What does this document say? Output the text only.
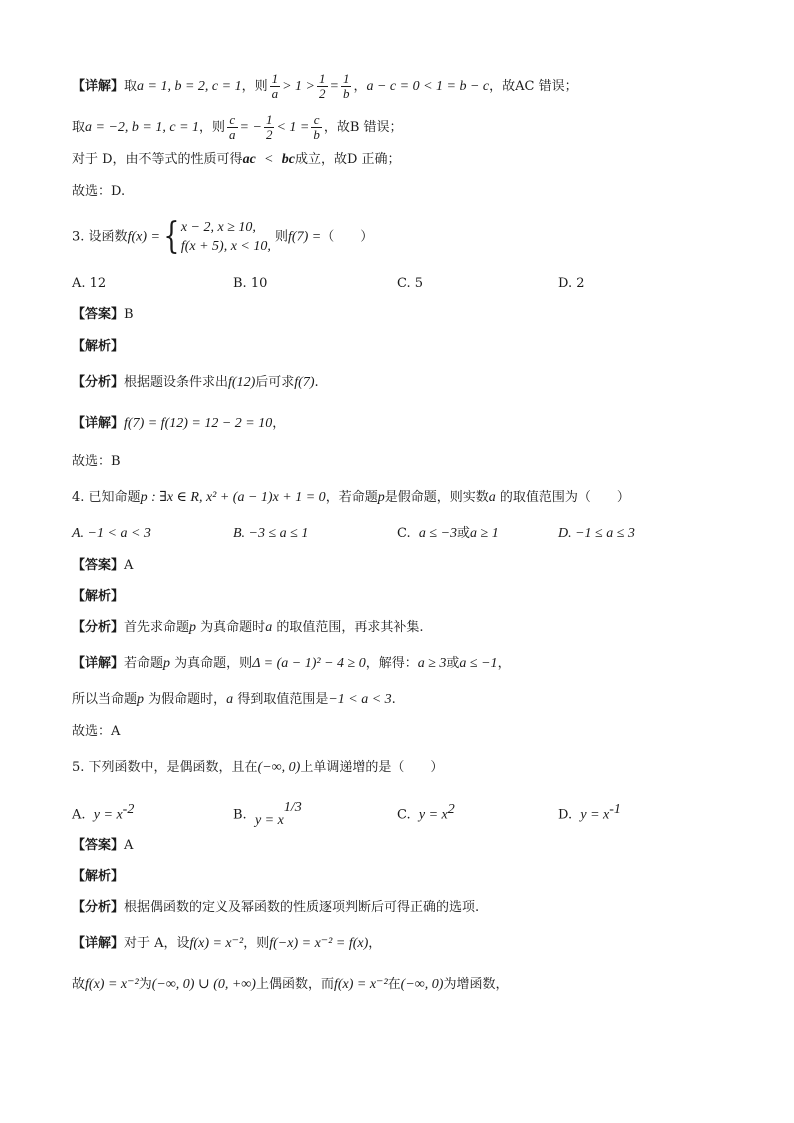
【详解】取a = 1, b = 2, c = 1，则 $\frac{1}{a} > 1 > \frac{1}{2} = \frac{1}{b}$ ，a − c = 0 < 1 = b − c，故AC 错误；
取a = −2, b = 1, c = 1，则 $\frac{c}{a}$ = − $\frac{1}{2} < 1 = \frac{c}{b}$ ，故B 错误；
对于 D，由不等式的性质可得ac < bc成立，故D 正确；
故选：D.
3. 设函数f(x) ={ x − 2, x ≥ 10,
f(x + 5), x < 10,
则f(7) =（　　）
A. 12	B. 10	C. 5	D. 2
【答案】B
【解析】
【分析】根据题设条件求出f(12)后可求f(7).
【详解】f(7) = f(12) = 12 − 2 = 10，
故选：B
4. 已知命题p : ∃x ∈ R, x² + (a − 1)x + 1 = 0，若命题p是假命题，则实数a 的取值范围为（　　）
A. −1 < a < 3	B. −3 ≤ a ≤ 1	C. a ≤ −3或a ≥ 1	D. −1 ≤ a ≤ 3
【答案】A
【解析】
【分析】首先求命题p 为真命题时a 的取值范围，再求其补集.
【详解】若命题p 为真命题，则Δ = (a − 1)² − 4 ≥ 0，解得：a ≥ 3或a ≤ −1，
所以当命题p 为假命题时，a 得到取值范围是−1 < a < 3.
故选：A
5. 下列函数中，是偶函数，且在(−∞, 0)上单调递增的是（　　）
A. $y = x^{-2}$	B. $y = x^{1/3}$	C. $y = x^2$	D. $y = x^{-1}$
【答案】A
【解析】
【分析】根据偶函数的定义及幂函数的性质逐项判断后可得正确的选项.
【详解】对于 A，设f(x) = x⁻²，则f(−x) = x⁻² = f(x)，
故f(x) = x⁻²为(−∞, 0) ∪ (0, +∞)上偶函数，而f(x) = x⁻²在(−∞, 0)为增函数，
